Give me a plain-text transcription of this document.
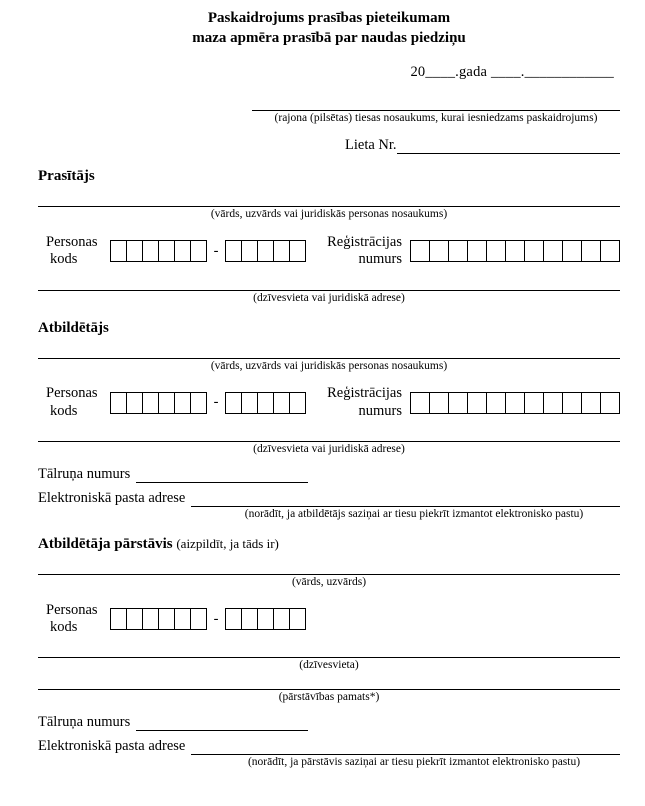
Paskaidrojums prasības pieteikumam
maza apmēra prasībā par naudas piedziņu
20____.gada ____.____________
(rajona (pilsētas) tiesas nosaukums, kurai iesniedzams paskaidrojums)
Lieta Nr.
Prasītājs
(vārds, uzvārds vai juridiskās personas nosaukums)
Personas
kods
-
Reģistrācijas
numurs
(dzīvesvieta vai juridiskā adrese)
Atbildētājs
(vārds, uzvārds vai juridiskās personas nosaukums)
Personas
kods
-
Reģistrācijas
numurs
(dzīvesvieta vai juridiskā adrese)
Tālruņa numurs
Elektroniskā pasta adrese
(norādīt, ja atbildētājs saziņai ar tiesu piekrīt izmantot elektronisko pastu)
Atbildētāja pārstāvis (aizpildīt, ja tāds ir)
(vārds, uzvārds)
Personas
kods
-
(dzīvesvieta)
(pārstāvības pamats*)
Tālruņa numurs
Elektroniskā pasta adrese
(norādīt, ja pārstāvis saziņai ar tiesu piekrīt izmantot elektronisko pastu)
